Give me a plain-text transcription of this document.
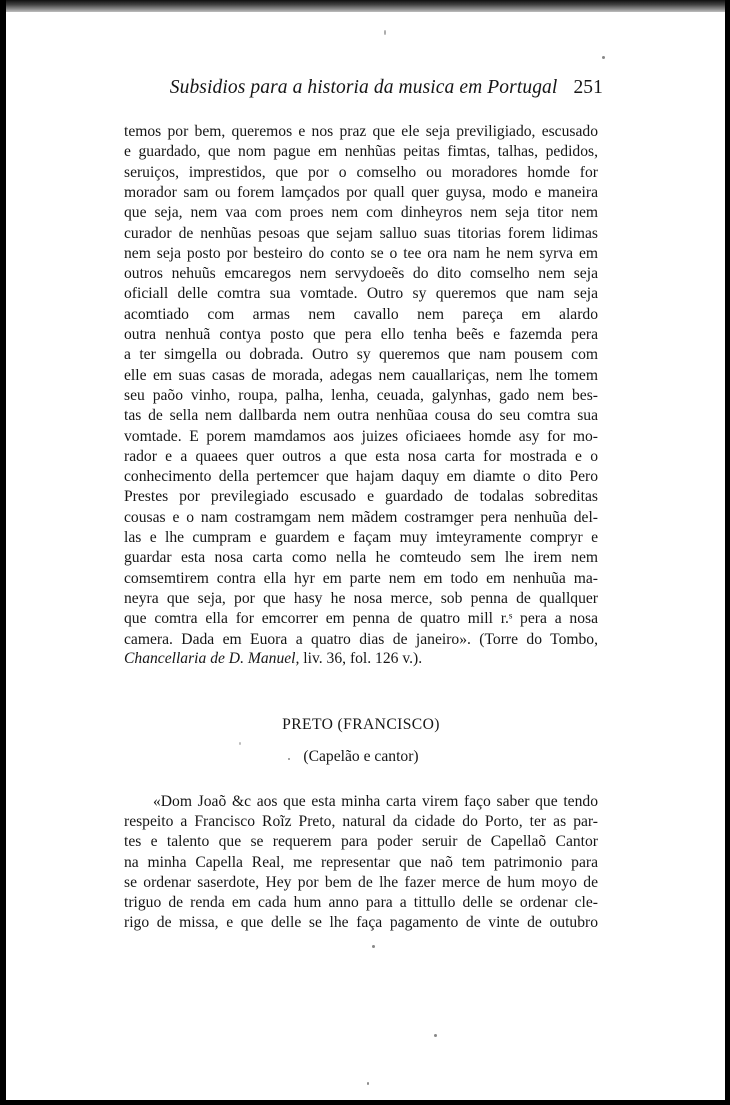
Subsidios para a historia da musica em Portugal 251
temos por bem, queremos e nos praz que ele seja previligiado, escusado
e guardado, que nom pague em nenhũas peitas fimtas, talhas, pedidos,
seruiços, imprestidos, que por o comselho ou moradores homde for
morador sam ou forem lamçados por quall quer guysa, modo e maneira
que seja, nem vaa com proes nem com dinheyros nem seja titor nem
curador de nenhũas pesoas que sejam salluo suas titorias forem lidimas
nem seja posto por besteiro do conto se o tee ora nam he nem syrva em
outros nehuũs emcaregos nem servydoeẽs do dito comselho nem seja
oficiall delle comtra sua vomtade. Outro sy queremos que nam seja
acomtiado com armas nem cavallo nem pareça em alardo
outra nenhuã contya posto que pera ello tenha beẽs e fazemda pera
a ter simgella ou dobrada. Outro sy queremos que nam pousem com
elle em suas casas de morada, adegas nem cauallariças, nem lhe tomem
seu paõo vinho, roupa, palha, lenha, ceuada, galynhas, gado nem bes-
tas de sella nem dallbarda nem outra nenhũaa cousa do seu comtra sua
vomtade. E porem mamdamos aos juizes oficiaees homde asy for mo-
rador e a quaees quer outros a que esta nosa carta for mostrada e o
conhecimento della pertemcer que hajam daquy em diamte o dito Pero
Prestes por previlegiado escusado e guardado de todalas sobreditas
cousas e o nam costramgam nem mãdem costramger pera nenhuũa del-
las e lhe cumpram e guardem e façam muy imteyramente compryr e
guardar esta nosa carta como nella he comteudo sem lhe irem nem
comsemtirem contra ella hyr em parte nem em todo em nenhuũa ma-
neyra que seja, por que hasy he nosa merce, sob penna de quallquer
que comtra ella for emcorrer em penna de quatro mill r.ˢ pera a nosa
camera. Dada em Euora a quatro dias de janeiro». (Torre do Tombo,
Chancellaria de D. Manuel, liv. 36, fol. 126 v.).
PRETO (FRANCISCO)
(Capelão e cantor)
«Dom Joaõ &c aos que esta minha carta virem faço saber que tendo
respeito a Francisco Roĩz Preto, natural da cidade do Porto, ter as par-
tes e talento que se requerem para poder seruir de Capellaõ Cantor
na minha Capella Real, me representar que naõ tem patrimonio para
se ordenar saserdote, Hey por bem de lhe fazer merce de hum moyo de
triguo de renda em cada hum anno para a tittullo delle se ordenar cle-
rigo de missa, e que delle se lhe faça pagamento de vinte de outubro
